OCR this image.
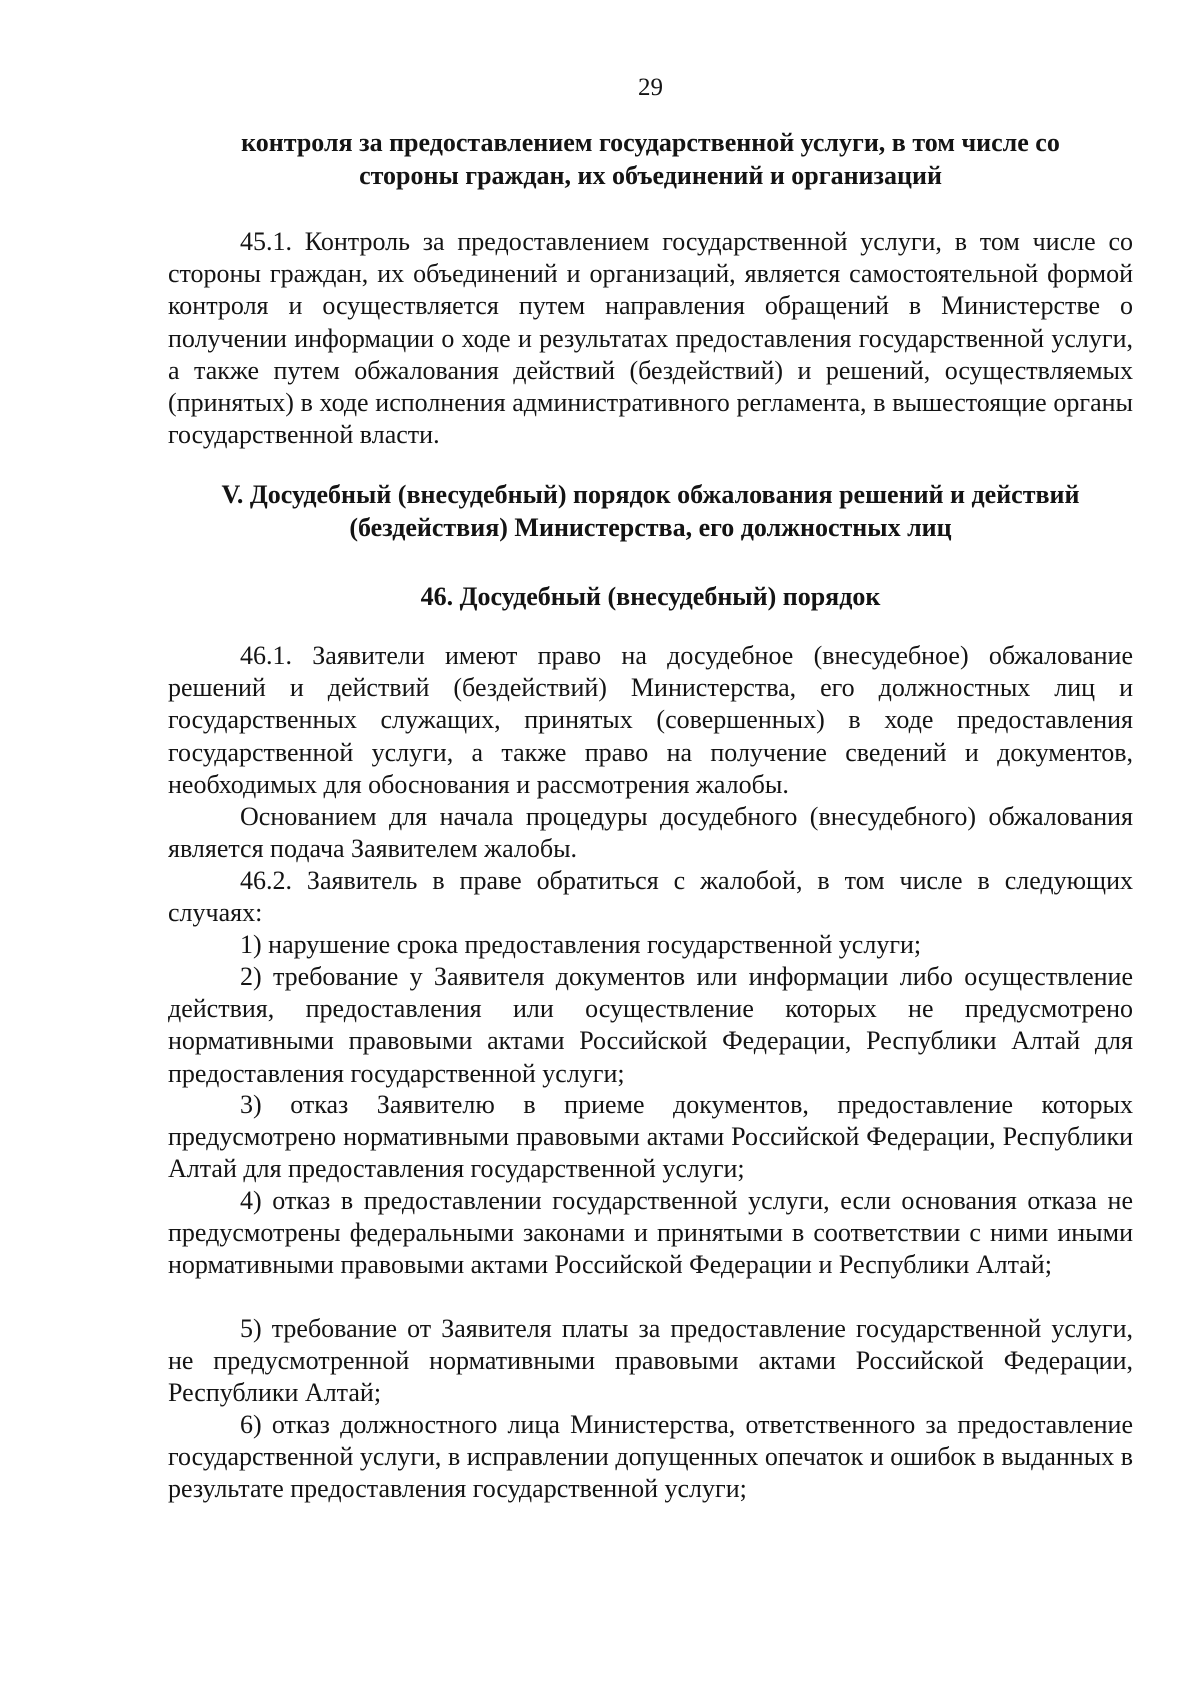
29
контроля за предоставлением государственной услуги, в том числе со
стороны граждан, их объединений и организаций

45.1. Контроль за предоставлением государственной услуги, в том числе со стороны граждан, их объединений и организаций, является самостоятельной формой контроля и осуществляется путем направления обращений в Министерстве о получении информации о ходе и результатах предоставления государственной услуги, а также путем обжалования действий (бездействий) и решений, осуществляемых (принятых) в ходе исполнения административного регламента, в вышестоящие органы государственной власти.

V. Досудебный (внесудебный) порядок обжалования решений и действий
(бездействия) Министерства, его должностных лиц
46. Досудебный (внесудебный) порядок

46.1. Заявители имеют право на досудебное (внесудебное) обжалование решений и действий (бездействий) Министерства, его должностных лиц и государственных служащих, принятых (совершенных) в ходе предоставления государственной услуги, а также право на получение сведений и документов, необходимых для обоснования и рассмотрения жалобы.

Основанием для начала процедуры досудебного (внесудебного) обжалования является подача Заявителем жалобы.

46.2. Заявитель в праве обратиться с жалобой, в том числе в следующих случаях:

1) нарушение срока предоставления государственной услуги;

2) требование у Заявителя документов или информации либо осуществление действия, предоставления или осуществление которых не предусмотрено нормативными правовыми актами Российской Федерации, Республики Алтай для предоставления государственной услуги;

3) отказ Заявителю в приеме документов, предоставление которых предусмотрено нормативными правовыми актами Российской Федерации, Республики Алтай для предоставления государственной услуги;

4) отказ в предоставлении государственной услуги, если основания отказа не предусмотрены федеральными законами и принятыми в соответствии с ними иными нормативными правовыми актами Российской Федерации и Республики Алтай;

5) требование от Заявителя платы за предоставление государственной услуги, не предусмотренной нормативными правовыми актами Российской Федерации, Республики Алтай;

6) отказ должностного лица Министерства, ответственного за предоставление государственной услуги, в исправлении допущенных опечаток и ошибок в выданных в результате предоставления государственной услуги;
